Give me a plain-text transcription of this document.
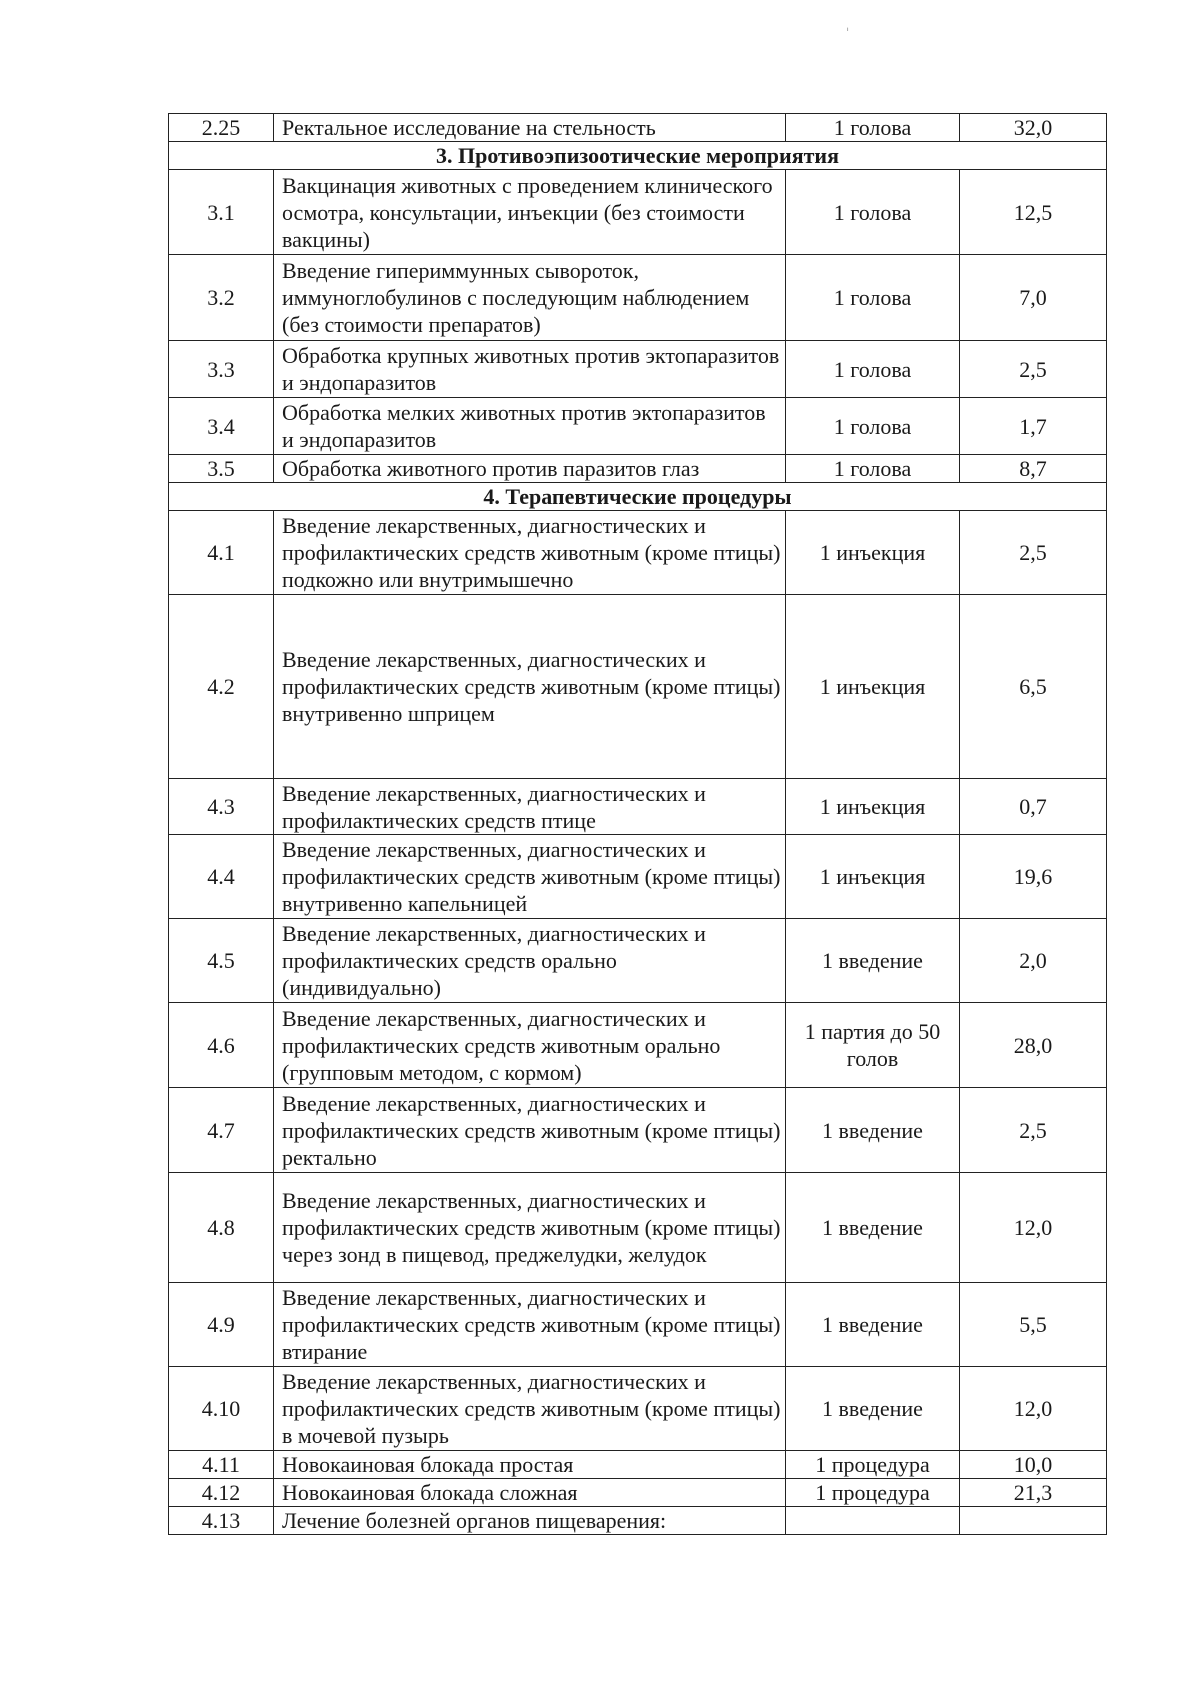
ˌ
2.25	Ректальное исследование на стельность	1 голова	32,0
3. Противоэпизоотические мероприятия			
3.1	Вакцинация животных с проведением клинического осмотра, консультации, инъекции (без стоимости вакцины)	1 голова	12,5
3.2	Введение гипериммунных сывороток, иммуноглобулинов с последующим наблюдением (без стоимости препаратов)	1 голова	7,0
3.3	Обработка крупных животных против эктопаразитов и эндопаразитов	1 голова	2,5
3.4	Обработка мелких животных против эктопаразитов и эндопаразитов	1 голова	1,7
3.5	Обработка животного против паразитов глаз	1 голова	8,7
4. Терапевтические процедуры			
4.1	Введение лекарственных, диагностических и профилактических средств животным (кроме птицы) подкожно или внутримышечно	1 инъекция	2,5
4.2	Введение лекарственных, диагностических и профилактических средств животным (кроме птицы) внутривенно шприцем	1 инъекция	6,5
4.3	Введение лекарственных, диагностических и профилактических средств птице	1 инъекция	0,7
4.4	Введение лекарственных, диагностических и профилактических средств животным (кроме птицы) внутривенно капельницей	1 инъекция	19,6
4.5	Введение лекарственных, диагностических и профилактических средств орально (индивидуально)	1 введение	2,0
4.6	Введение лекарственных, диагностических и профилактических средств животным орально (групповым методом, с кормом)	1 партия до 50 голов	28,0
4.7	Введение лекарственных, диагностических и профилактических средств животным (кроме птицы) ректально	1 введение	2,5
4.8	Введение лекарственных, диагностических и профилактических средств животным (кроме птицы) через зонд в пищевод, преджелудки, желудок	1 введение	12,0
4.9	Введение лекарственных, диагностических и профилактических средств животным (кроме птицы) втирание	1 введение	5,5
4.10	Введение лекарственных, диагностических и профилактических средств животным (кроме птицы) в мочевой пузырь	1 введение	12,0
4.11	Новокаиновая блокада простая	1 процедура	10,0
4.12	Новокаиновая блокада сложная	1 процедура	21,3
4.13	Лечение болезней органов пищеварения:		
